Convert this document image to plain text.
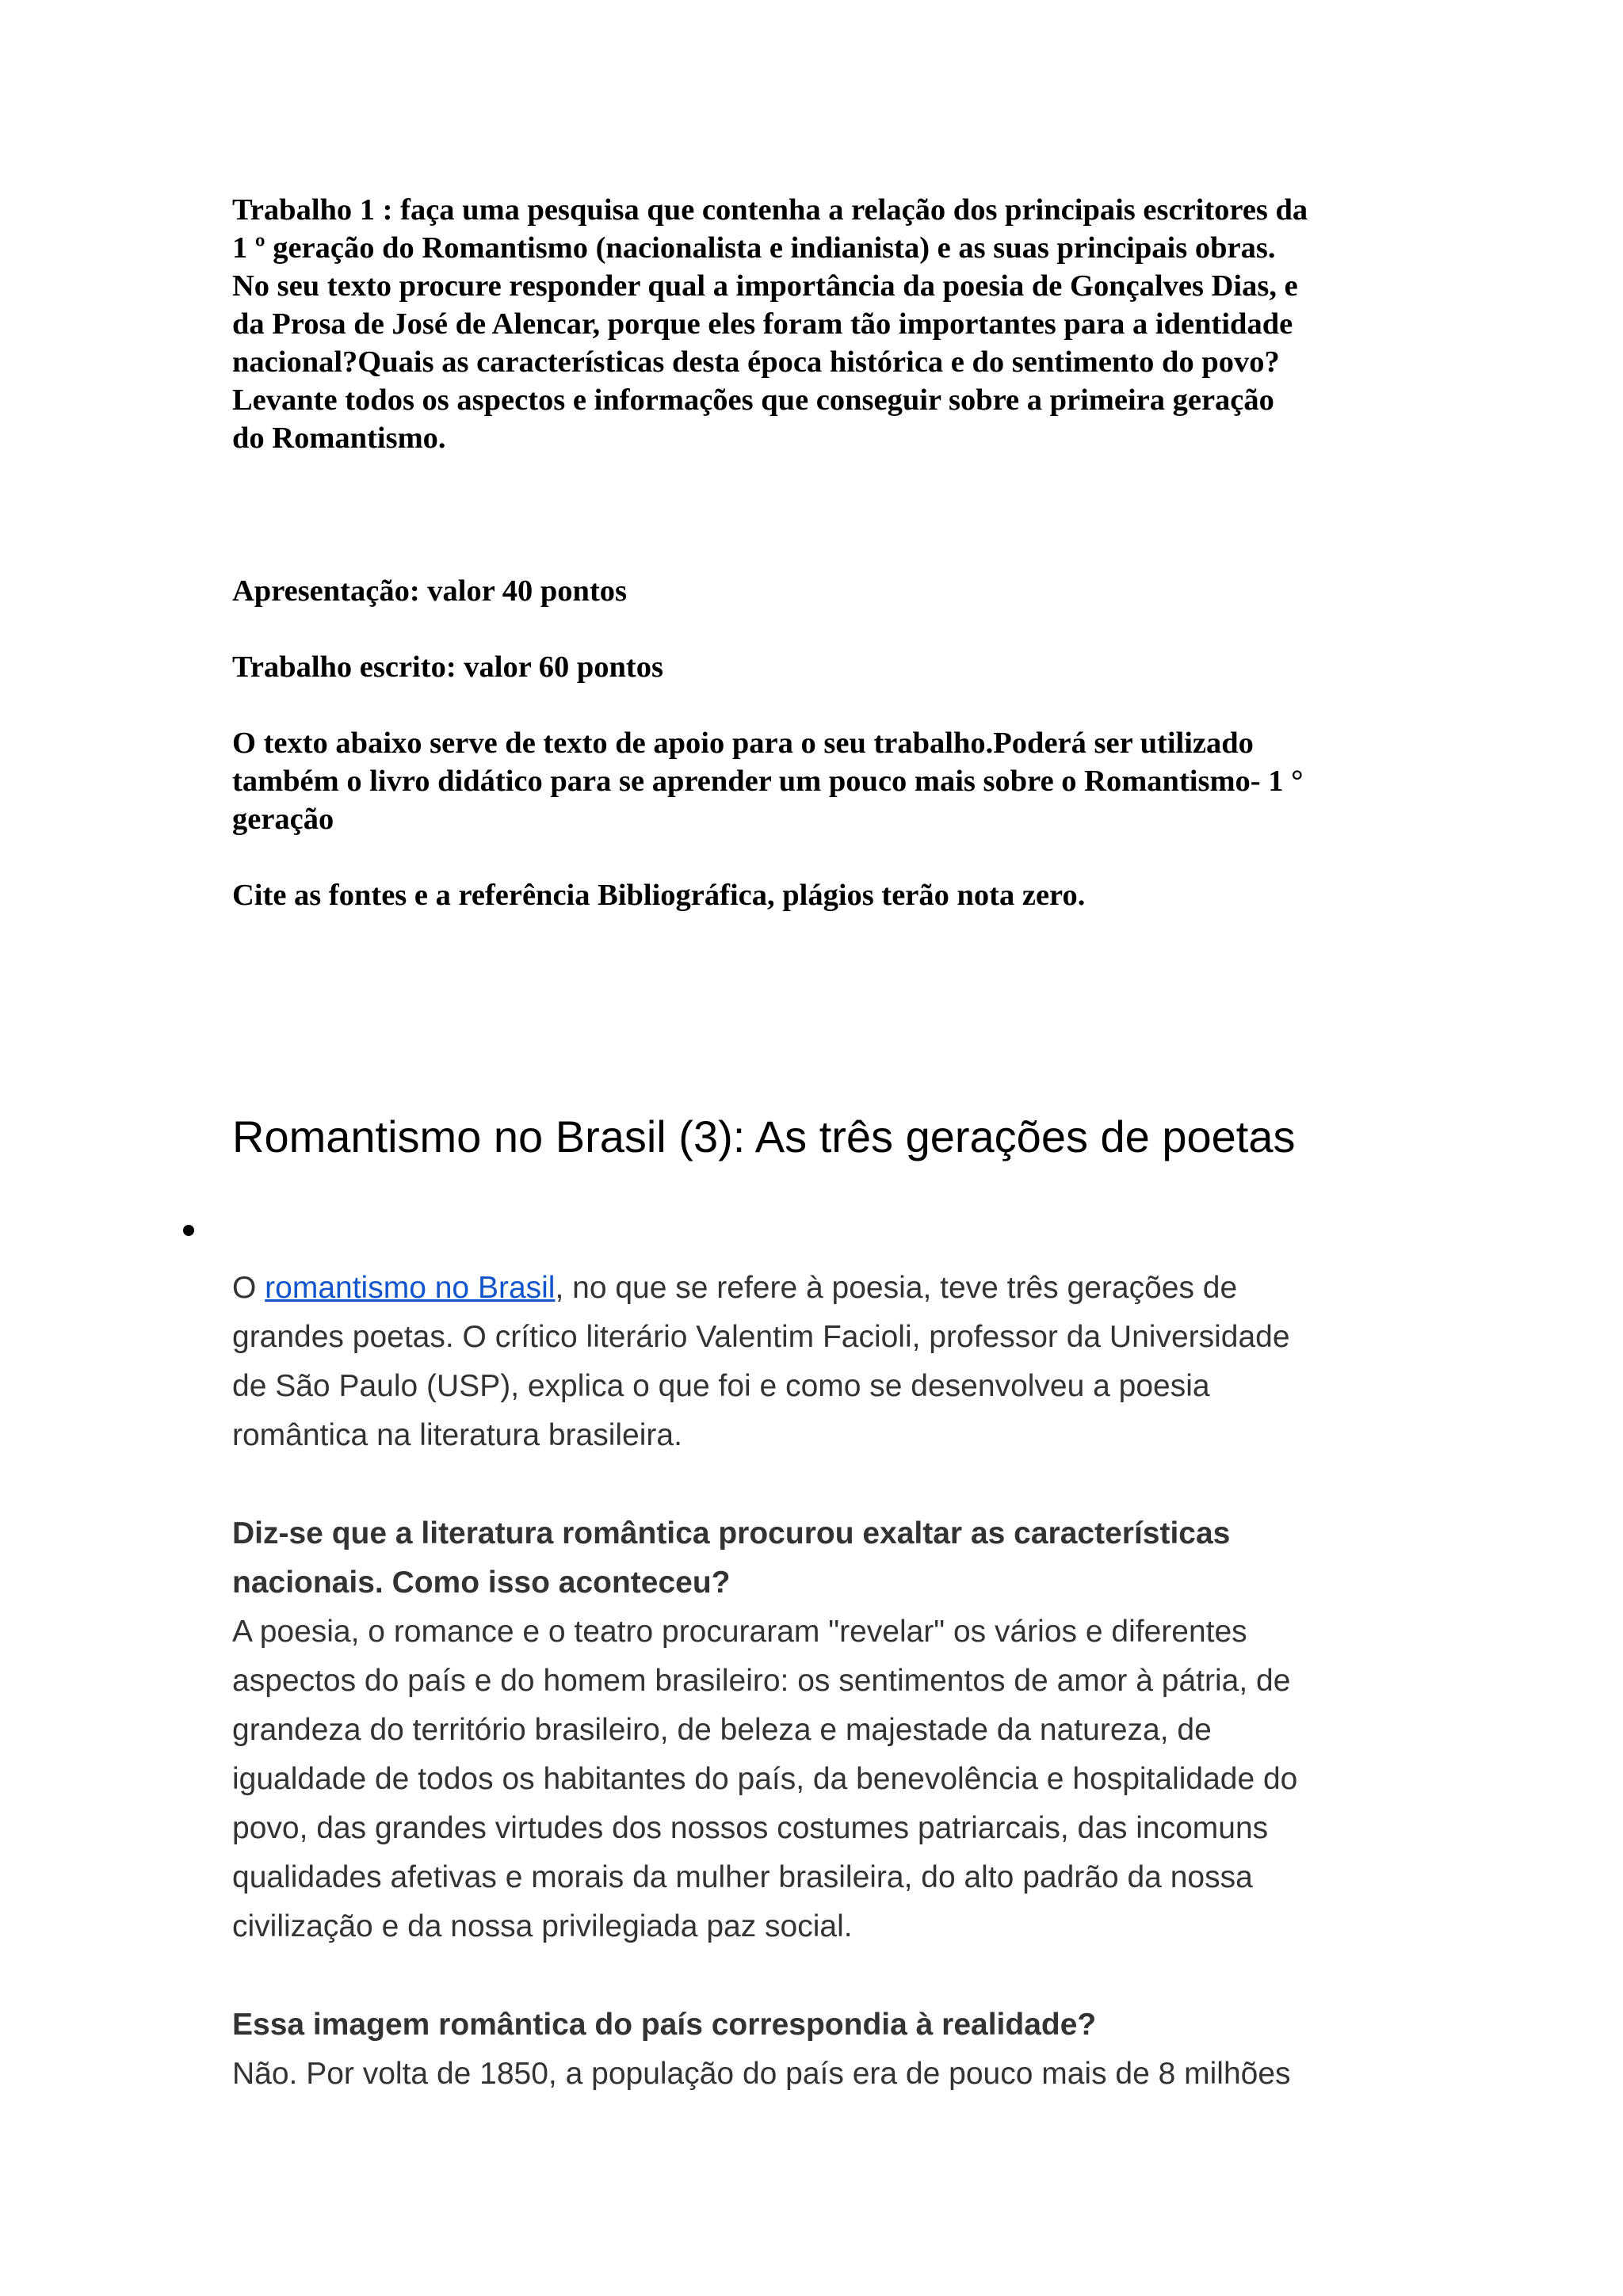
Trabalho 1 : faça uma pesquisa que contenha a relação dos principais escritores da

1 º geração do Romantismo (nacionalista e indianista) e as suas principais obras.

No seu texto procure responder qual a importância da poesia de Gonçalves Dias, e

da Prosa de José de Alencar, porque eles foram tão importantes para a identidade

nacional?Quais as características desta época histórica e do sentimento do povo?

Levante todos os aspectos e informações que conseguir sobre a primeira geração

do Romantismo.

Apresentação: valor 40 pontos

Trabalho escrito: valor 60 pontos

O texto abaixo serve de texto de apoio para o seu trabalho.Poderá ser utilizado

também o livro didático para se aprender um pouco mais sobre o Romantismo- 1 °

geração

Cite as fontes e a referência Bibliográfica, plágios terão nota zero.

Romantismo no Brasil (3): As três gerações de poetas

O romantismo no Brasil, no que se refere à poesia, teve três gerações de

grandes poetas. O crítico literário Valentim Facioli, professor da Universidade

de São Paulo (USP), explica o que foi e como se desenvolveu a poesia

romântica na literatura brasileira.

Diz-se que a literatura romântica procurou exaltar as características

nacionais. Como isso aconteceu?

A poesia, o romance e o teatro procuraram "revelar" os vários e diferentes

aspectos do país e do homem brasileiro: os sentimentos de amor à pátria, de

grandeza do território brasileiro, de beleza e majestade da natureza, de

igualdade de todos os habitantes do país, da benevolência e hospitalidade do

povo, das grandes virtudes dos nossos costumes patriarcais, das incomuns

qualidades afetivas e morais da mulher brasileira, do alto padrão da nossa

civilização e da nossa privilegiada paz social.

Essa imagem romântica do país correspondia à realidade?

Não. Por volta de 1850, a população do país era de pouco mais de 8 milhões
